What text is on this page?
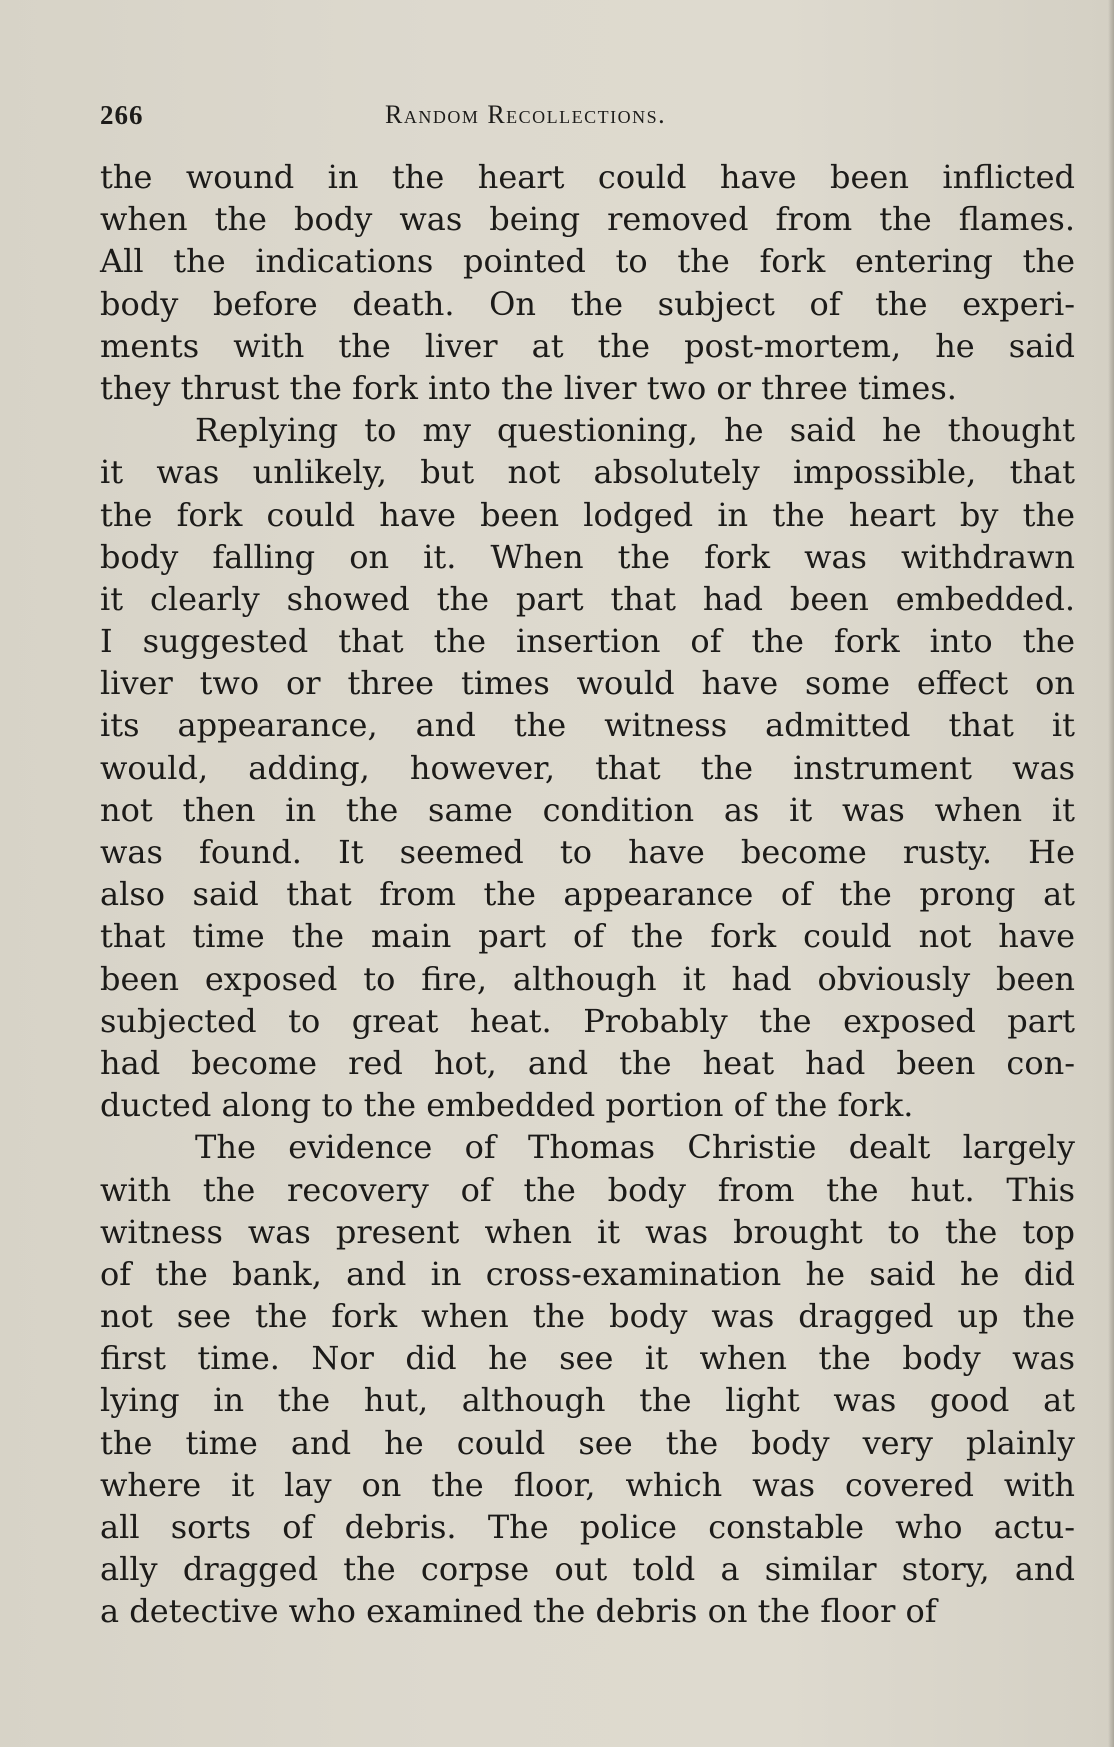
266	Random Recollections.
the wound in the heart could have been inflicted
when the body was being removed from the flames.
All the indications pointed to the fork entering the
body before death. On the subject of the experi-
ments with the liver at the post-mortem, he said
they thrust the fork into the liver two or three times.
Replying to my questioning, he said he thought
it was unlikely, but not absolutely impossible, that
the fork could have been lodged in the heart by the
body falling on it. When the fork was withdrawn
it clearly showed the part that had been embedded.
I suggested that the insertion of the fork into the
liver two or three times would have some effect on
its appearance, and the witness admitted that it
would, adding, however, that the instrument was
not then in the same condition as it was when it
was found. It seemed to have become rusty. He
also said that from the appearance of the prong at
that time the main part of the fork could not have
been exposed to fire, although it had obviously been
subjected to great heat. Probably the exposed part
had become red hot, and the heat had been con-
ducted along to the embedded portion of the fork.
The evidence of Thomas Christie dealt largely
with the recovery of the body from the hut. This
witness was present when it was brought to the top
of the bank, and in cross-examination he said he did
not see the fork when the body was dragged up the
first time. Nor did he see it when the body was
lying in the hut, although the light was good at
the time and he could see the body very plainly
where it lay on the floor, which was covered with
all sorts of debris. The police constable who actu-
ally dragged the corpse out told a similar story, and
a detective who examined the debris on the floor of
